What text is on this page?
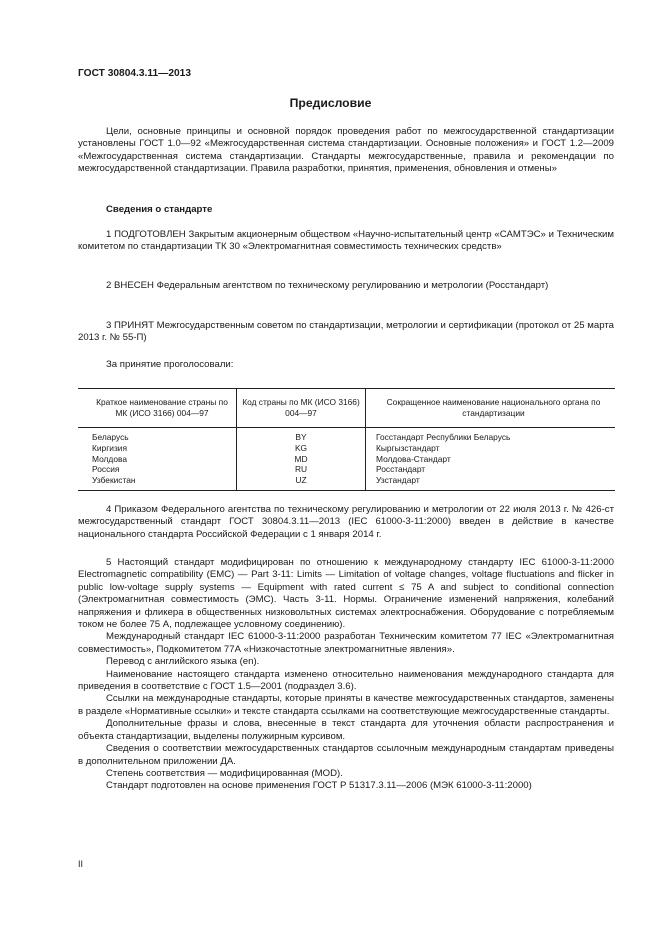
ГОСТ 30804.3.11—2013
Предисловие

Цели, основные принципы и основной порядок проведения работ по межгосударственной стандартизации установлены ГОСТ 1.0—92 «Межгосударственная система стандартизации. Основные положения» и ГОСТ 1.2—2009 «Межгосударственная система стандартизации. Стандарты межгосударственные, правила и рекомендации по межгосударственной стандартизации. Правила разработки, принятия, применения, обновления и отмены»

Сведения о стандарте

1 ПОДГОТОВЛЕН Закрытым акционерным обществом «Научно-испытательный центр «САМТЭС» и Техническим комитетом по стандартизации ТК 30 «Электромагнитная совместимость технических средств»

2 ВНЕСЕН Федеральным агентством по техническому регулированию и метрологии (Росстандарт)

3 ПРИНЯТ Межгосударственным советом по стандартизации, метрологии и сертификации (протокол от 25 марта 2013 г. № 55-П)

За принятие проголосовали:

Краткое наименование страны по МК (ИСО 3166) 004—97	Код страны по МК (ИСО 3166) 004—97	Сокращенное наименование национального органа по стандартизации
Беларусь	BY	Госстандарт Республики Беларусь
Киргизия	KG	Кыргызстандарт
Молдова	MD	Молдова-Стандарт
Россия	RU	Росстандарт
Узбекистан	UZ	Узстандарт

4 Приказом Федерального агентства по техническому регулированию и метрологии от 22 июля 2013 г. № 426-ст межгосударственный стандарт ГОСТ 30804.3.11—2013 (IEC 61000-3-11:2000) введен в действие в качестве национального стандарта Российской Федерации с 1 января 2014 г.

5 Настоящий стандарт модифицирован по отношению к международному стандарту IEC 61000-3-11:2000 Electromagnetic compatibility (EMC) — Part 3-11: Limits — Limitation of voltage changes, voltage fluctuations and flicker in public low-voltage supply systems — Equipment with rated current ≤ 75 A and subject to conditional connection (Электромагнитная совместимость (ЭМС). Часть 3-11. Нормы. Ограничение изменений напряжения, колебаний напряжения и фликера в общественных низковольтных системах электроснабжения. Оборудование с потребляемым током не более 75 А, подлежащее условному соединению).

Международный стандарт IEC 61000-3-11:2000 разработан Техническим комитетом 77 IEC «Электромагнитная совместимость», Подкомитетом 77А «Низкочастотные электромагнитные явления».

Перевод с английского языка (en).

Наименование настоящего стандарта изменено относительно наименования международного стандарта для приведения в соответствие с ГОСТ 1.5—2001 (подраздел 3.6).

Ссылки на международные стандарты, которые приняты в качестве межгосударственных стандартов, заменены в разделе «Нормативные ссылки» и тексте стандарта ссылками на соответствующие межгосударственные стандарты.

Дополнительные фразы и слова, внесенные в текст стандарта для уточнения области распространения и объекта стандартизации, выделены полужирным курсивом.

Сведения о соответствии межгосударственных стандартов ссылочным международным стандартам приведены в дополнительном приложении ДА.

Степень соответствия — модифицированная (MOD).

Стандарт подготовлен на основе применения ГОСТ Р 51317.3.11—2006 (МЭК 61000-3-11:2000)

II
